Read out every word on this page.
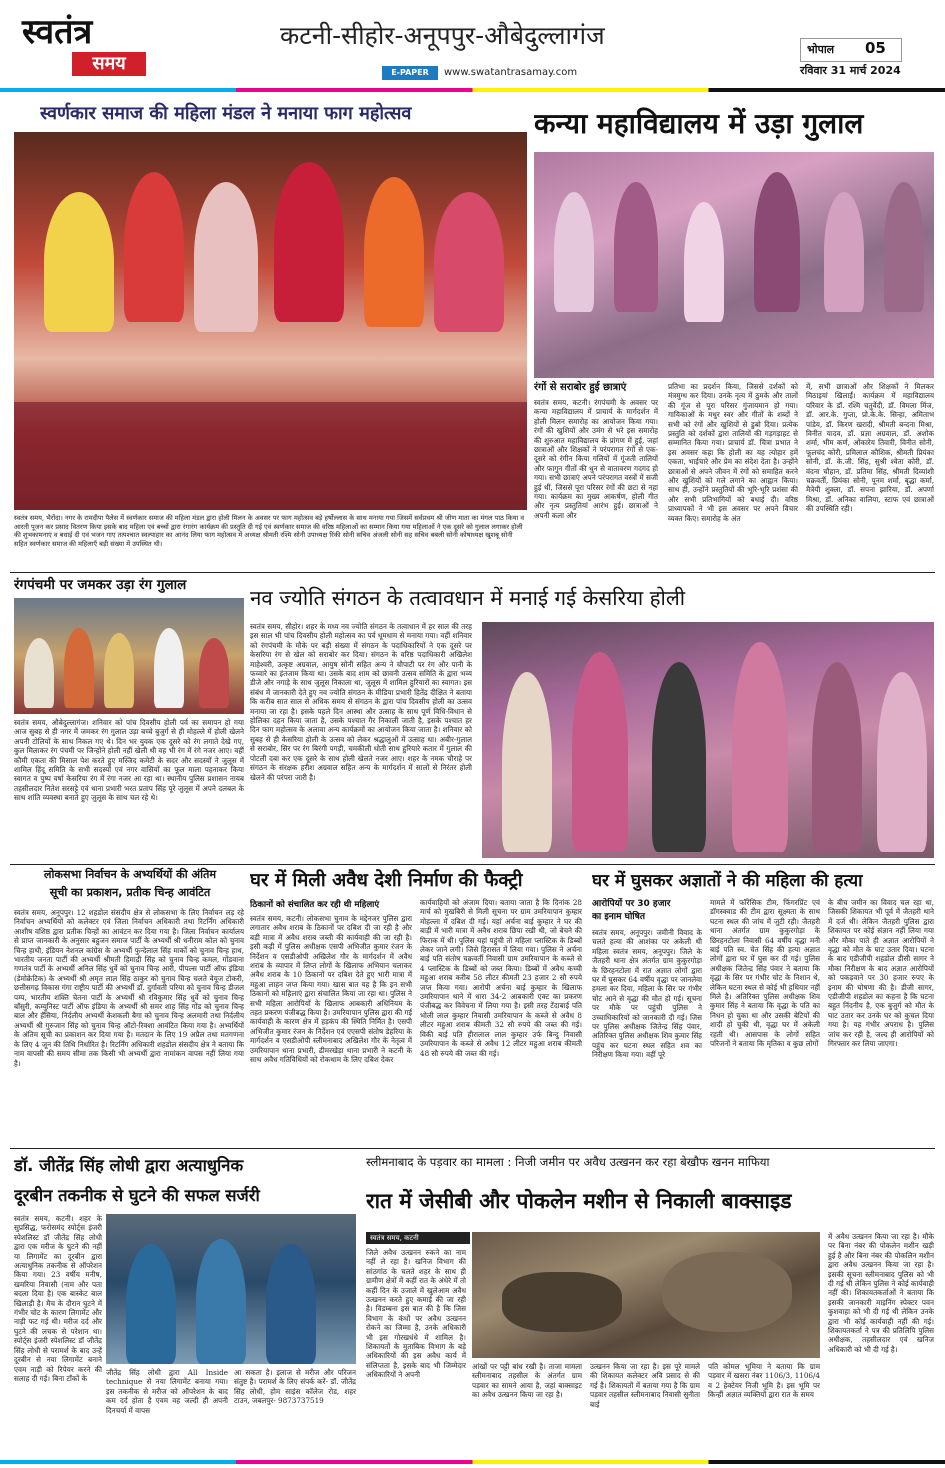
स्वतंत्र
समय
कटनी-सीहोर-अनूपपुर-औबेदुल्लागंज
E-PAPER	www.swatantrasamay.com
भोपाल 05
रविवार 31 मार्च 2024
स्वर्णकार समाज की महिला मंडल ने मनाया फाग महोत्सव
स्वतंत्र समय, भैरोंदा। नगर के रामदीपा पैलेस में स्वर्णकार समाज की महिला मंडल द्वारा होली मिलन के अवसर पर फाग महोत्सव बड़े हर्षोल्लास के साथ मनाया गया जिसमें सर्वप्रथम श्री जीण माता का मंगल पाठ किया व आरती पूजन कर प्रसाद वितरण किया इसके बाद महिला एवं बच्चों द्वारा रंगारंग कार्यक्रम की प्रस्तुति दी गई एवं स्वर्णकार समाज की वरिष्ठ महिलाओं का सम्मान किया गया महिलाओं ने एक दूसरे को गुलाल लगाकर होली की शुभकामनाएं व बधाई दी एवं भजन गाए तत्पश्चात स्वल्पाहार का आनंद लिया फाग महोत्सव में अध्यक्ष श्रीमती रश्मि सोनी उपाध्यक्ष रिंकी सोनी सचिव अंजली सोनी सह सचिव बबली सोनी कोषाध्यक्ष खुशबू सोनी सहित स्वर्णकार समाज की महिलाएँ बड़ी संख्या में उपस्थित थी।
कन्या महाविद्यालय में उड़ा गुलाल
रंगों से सराबोर हुई छात्राएं
स्वतंत्र समय, कटनी। रंगपंचमी के अवसर पर कन्या महाविद्यालय में प्राचार्य के मार्गदर्शन में होली मिलन समारोह का आयोजन किया गया। रंगों की खुशियों और उमंग से भरे इस समारोह की शुरुआत महाविद्यालय के प्रांगण में हुई, जहां छात्राओं और शिक्षकों ने परंपरागत रंगों से एक-दूसरे को रंगीन किया गलियों में गूंजती तालियों और फागुन गीतों की धुन से वातावरण गदगद हो गया। सभी छात्राएं अपने परंपरागत वस्त्रों में सजी हुई थीं, जिससे पूरा परिसर रंगों की छटा से नहा गया। कार्यक्रम का मुख्य आकर्षण, होली गीत और नृत्य प्रस्तुतियां आरंभ हुई। छात्राओं ने अपनी कला और
प्रतिभा का प्रदर्शन किया, जिससे दर्शकों को मंत्रमुग्ध कर दिया। उनके नृत्य में ठुमके और तालों की गूंज से पूरा परिसर गुंजायमान हो गया। गायिकाओं के मधुर स्वर और गीतों के शब्दों ने सभी को रंगों और खुशियों से डुबो दिया। प्रत्येक प्रस्तुति को दर्शकों द्वारा तालियों की गड़गड़ाहट से सम्मानित किया गया। प्राचार्य डॉ. चित्रा प्रभात ने इस अवसर कहा कि होली का यह त्योहार हमें एकता, भाईचारे और प्रेम का संदेश देता है। उन्होंने छात्राओं से अपने जीवन में रंगों को समाहित करने और खुशियों को गले लगाने का आह्वान किया। साथ ही, उन्होंने प्रस्तुतियों की भूरि-भूरि प्रशंसा की और सभी प्रतिभागियों को बधाई दी। वरिष्ठ प्राध्यापकों ने भी इस अवसर पर अपने विचार व्यक्त किए। समारोह के अंत
में, सभी छात्राओं और शिक्षकों ने मिलकर मिठाइयां खिलाईं। कार्यक्रम में महाविद्यालय परिवार के डॉ. रश्मि चतुर्वेदी, डॉ. विमला मिंज, डॉ. आर.के. गुप्ता, प्रो.के.के. सिन्हा, अमिताभ पांडेय, डॉ. किरण खरादी, श्रीमती बन्दना मिश्रा, विनीत यादव, डॉ. प्रज्ञा अग्रवाल, डॉ. अशोक शर्मा, भीम कर्ण, ओंकारेय तिवारी, विनीत सोनी, फूलचंद कोरी, प्रमिलाल कौशिक, श्रीमती प्रियंका सोनी, डॉ. के.जी. सिंह, सुश्री श्वेता कोरी, डॉ. वंदना चौहान, डॉ. प्रतिमा सिंह, श्रीमती दिव्यांशी चक्रवर्ती, प्रियंका सोनी, पूनम शर्मा, बृद्धा कर्मा, मैत्रेयी शुक्ला, डॉ. सपना झारिया, डॉ. अपर्णा मिश्रा, डॉ. अनिका वालिया, स्टाफ एवं छात्राओं की उपस्थिति रही।
रंगपंचमी पर जमकर उड़ा रंग गुलाल
स्वतंत्र समय, औबेदुल्लागंज। शनिवार को पांच दिवसीय होली पर्व का समापन हो गया आज सुबह से ही नगर में जमकर रंग गुलाल उड़ा बच्चे बुजुर्ग से ही मोहल्ले में होली खेलने अपनी टोलियों के साथ निकल गए थे। दिन भर युवक एक दूसरे को रंग लगाते देखे गए, कुल मिलाकर रंग पंचमी पर जिन्होंने होली नहीं खेली थी वह भी रंग में रंगे नजर आए। वहीं कौमी एकता की मिसाल पेश करते हुए मस्जिद कमेटी के सदर और सदस्यों ने जुलूस में शामिल हिंदू समिति के सभी सदस्यों एवं नगर वासियों का फूल माला पहनाकर किया स्वागत व पुष्प वर्षा केसरिया रंग में रंगा नजर आ रहा था। स्थानीय पुलिस प्रशासन नायब तहसीलदार नितेश सरसट्टे एवं थाना प्रभारी भरत प्रताप सिंह पूरे जुलूस में अपने दलबल के साथ शांति व्यवस्था बनाते हुए जुलूस के साथ चल रहे थे।
नव ज्योति संगठन के तत्वावधान में मनाई गई केसरिया होली
स्वतंत्र समय, सीहोर। शहर के मध्य नव ज्योति संगठन के तत्वाधान में हर साल की तरह इस साल भी पांच दिवसीय होली महोत्सव का पर्व धूमधाम से मनाया गया। वहीं शनिवार को रंगपंचमी के मौके पर बड़ी संख्या में संगठन के पदाधिकारियों ने एक दूसरे पर केसरिया रंग से खेल को सराबोर कर दिया। संगठन के वरिष्ठ पदाधिकारी अखिलेश माहेश्वरी, उत्कृष्ट अग्रवाल, आयुष सोनी सहित अन्य ने चौपाटी पर रंग और पानी के फव्वारे का इंतजाम किया था। उसके बाद शाम को छावनी उत्सव समिति के द्वारा भव्य डीजे और नगाड़े के साथ जुलूस निकाला था, जुलूस में शामिल हुरियारों का स्वागत। इस संबंध में जानकारी देते हुए नव ज्योति संगठन के मीडिया प्रभारी हितेंद्र दीक्षित ने बताया कि करीब सात साल से अधिक समय से संगठन के द्वारा पांच दिवसीय होली का उत्सव मनाया जा रहा है। इसके पहले दिन आस्था और उत्साह के साथ पूर्ण विधि-विधान से होलिका दहन किया जाता है, उसके पश्चात गैर निकाली जाती है, इसके पश्चात हर दिन फाग महोत्सव के अलावा अन्य कार्यक्रमों का आयोजन किया जाता है। शनिवार को सुबह से ही केसरिया होली के उत्सव को लेकर श्रद्धालुओं में उत्साह था। अबीर-गुलाल से सराबोर, सिर पर रंग बिरंगी पगड़ी, चमकीली धोती साथ हुरियारे कतार में गुलाल की पोटली दबा कर एक दूसरे के साथ होली खेलते नजर आए। शहर के नमक चौराहे पर संगठन के संरक्षक हरीश अग्रवाल सहित अन्य के मार्गदर्शन में सालों से निरंतर होली खेलने की परंपरा जारी है।
लोकसभा निर्वाचन के अभ्यर्थियों की अंतिम
सूची का प्रकाशन, प्रतीक चिन्ह आवंटित
स्वतंत्र समय, अनूपपुर। 12 शहडोल संसदीय क्षेत्र से लोकसभा के लिए निर्वाचन लड़ रहे निर्वाचन अभ्यर्थियों को कलेक्टर एवं जिला निर्वाचन अधिकारी तथा रिटर्निंग अधिकारी आशीष वशिष्ठ द्वारा प्रतीक चिन्हों का आवंटन कर दिया गया है। जिला निर्वाचन कार्यालय से प्राप्त जानकारी के अनुसार बहुजन समाज पार्टी के अभ्यर्थी श्री धनीराम कोल को चुनाव चिन्ह हाथी, इंडियन नेशनल कांग्रेस के अभ्यर्थी फुन्देलाल सिंह मार्को को चुनाव चिन्ह हाथ, भारतीय जनता पार्टी की अभ्यर्थी श्रीमती हिमाद्री सिंह को चुनाव चिन्ह कमल, गोंडवाना गणतंत्र पार्टी के अभ्यर्थी अनिल सिंह धुर्वे को चुनाव चिन्ह आरी, पीपल्स पार्टी ऑफ इंडिया (डेमोक्रेटिक) के अभ्यर्थी श्री अमृत लाल सिंह ठाकुर को चुनाव चिन्ह चलते वेयूज टोकरी, छत्तीसगढ़ विकास गंगा राष्ट्रीय पार्टी की अभ्यर्थी डॉ. दुर्गावती परिया को चुनाव चिन्ह डीजल पम्प, भारतीय शक्ति चेतना पार्टी के अभ्यर्थी श्री रविकुमार सिंह धुर्वे को चुनाव चिन्ह बाँसुरी, कम्युनिस्ट पार्टी ऑफ इंडिया के अभ्यर्थी श्री समर शाह सिंह गोंड को चुनाव चिन्ह बाल और हॅसिया, निर्दलीय अभ्यर्थी केशकली बैगा को चुनाव चिन्ह अलमारी तथा निर्दलीय अभ्यर्थी श्री गुरुजान सिंह को चुनाव चिन्ह ऑटो-रिक्शा आवंटित किया गया है। अभ्यर्थियों के अंतिम सूची का प्रकाशन कर दिया गया है। मतदान के लिए 19 अप्रैल तथा मतगणना के लिए 4 जून की तिथि निर्धारित है। रिटर्निंग अधिकारी शहडोल संसदीय क्षेत्र ने बताया कि नाम वापसी की समय सीमा तक किसी भी अभ्यर्थी द्वारा नामांकन वापस नहीं लिया गया है।
घर में मिली अवैध देशी निर्माण की फैक्ट्री
ठिकानों को संचालित कर रही थी महिलाएं
स्वतंत्र समय, कटनी। लोकसभा चुनाव के मद्देनजर पुलिस द्वारा लगातार अवैध शराब के ठिकानों पर दबिश दी जा रही है और बड़ी मात्रा में अवैध शराब जब्ती की कार्यवाही की जा रही है। इसी कड़ी में पुलिस अधीक्षक एसपी अभिजीत कुमार रंजन के निर्देशन व एसडीओपी अखिलेश गौर के मार्गदर्शन में अवैध शराब के व्यापार में लिप्त लोगों के खिलाफ अभियान चलाकर अवैध शराब के 10 ठिकानों पर दबिश देते हुए भारी मात्रा में महुआ लाहन जप्त किया गया। खास बात यह है कि इन सभी ठिकानों को महिलाएं द्वारा संचालित किया जा रहा था। पुलिस ने सभी महिला आरोपियों के खिलाफ आबकारी अधिनियम के तहत प्रकरण पंजीबद्ध किया है। उमरियापान पुलिस द्वारा की गई कार्यवाही के कारण क्षेत्र में हड़कंप की स्थिति निर्मित है। एसपी अभिजीत कुमार रंजन के निर्देशन एवं एएसपी संतोष डेहरिया के मार्गदर्शन व एसडीओपी स्लीमनाबाद अखिलेश गौर के नेतृत्व में उमरियापान थाना प्रभारी, ढीमरखेड़ा थाना प्रभारी ने कटनी के साथ अवैध गतिविधियों को रोकथाम के लिए दबिश देकर
कार्यवाहियों को अंजाम दिया। बताया जाता है कि दिनांक 28 मार्च को मुखबिरी से मिली सूचना पर ग्राम उमरियापान कुम्हार मोहल्ला में दबिश दी गई। यहां अर्चना बाई कुम्हार ने घर की बाड़ी में भारी मात्रा में अवैध शराब छिपा रखी थी, जो बेचने की फिराक में थी। पुलिस यहां पहुंची तो महिला प्लास्टिक के डिब्बों लेकर जाने लगी। जिसे हिरासत में लिया गया। पुलिस ने अर्चना बाई पति संतोष चक्रवर्ती निवासी ग्राम उमरियापान के कब्जे से 4 प्लास्टिक के डिब्बों को जब्त किया। डिब्बों में अवैध कच्ची महुआ शराब करीब 58 लीटर कीमती 23 हजार 2 सौ रुपये जप्त किया गया। आरोपी अर्चना बाई कुम्हार के खिलाफ उमरियापान थाने में धारा 34-2 आबकारी एक्ट का प्रकरण पंजीबद्ध कर विवेचना में लिया गया है। इसी तरह टेंदाबाई पति भोली लाल कुम्हार निवासी उमरियापान के कब्जे से अवैध 8 लीटर महुआ शराब कीमती 32 सौ रुपये की जब्त की गई। विकी बाई पति हीरालाल लाल कुम्हार उर्फ बिन्दु निवासी उमरियापान के कब्जे से अवैध 12 लीटर महुआ शराब कीमती 48 सौ रुपये की जब्त की गई।
घर में घुसकर अज्ञातों ने की महिला की हत्या
आरोपियों पर 30 हजार
का इनाम घोषित
स्वतंत्र समय, अनूपपुर। जमीनी विवाद के चलते हत्या की आशंका पर अकेली थी महिला स्वतंत्र समय, अनूपपुर। जिले के जैतहरी थाना क्षेत्र अंतर्गत ग्राम कुकुरगोड़ा के छिरहनटोला में रात अज्ञात लोगों द्वारा घर में घुसकर 64 वर्षीय वृद्धा पर जानलेवा हमला कर दिया, महिला के सिर पर गंभीर चोट आने से वृद्धा की मौत हो गई। सूचना पर मौके पर पहुंची पुलिस ने उच्चाधिकारियों को जानकारी दी गई। जिस पर पुलिस अधीक्षक जितेन्द्र सिंह पंवार, अतिरिक्त पुलिस अधीक्षक शिव कुमार सिंह पहुंच कर घटना स्थल सहित शव का निरीक्षण किया गया। वहीं पूरे
मामले में फॉरेंसिक टीम, फिंगरप्रिंट एवं डॉगस्क्वाड की टीम द्वारा सूक्ष्मता के साथ घटना स्थल की जांच में जुटी रही। जैतहरी थाना अंतर्गत ग्राम कुकुरगोड़ा के छिरहनटोला निवासी 64 वर्षीय वृद्धा मनी बाई पति स्व. चेत सिंह की हत्या अज्ञात लोगों द्वारा घर में घुस कर दी गई। पुलिस अधीक्षक जितेन्द्र सिंह पंवार ने बताया कि वृद्धा के सिर पर गंभीर चोट के निशान थे, लेकिन घटना स्थल से कोई भी हथियार नहीं मिले है। अतिरिक्त पुलिस अधीक्षक शिव कुमार सिंह ने बताया कि वृद्धा के पति का निधन हो चुका था और उसकी बेटियों की शादी हो चुकी थी, वृद्धा घर में अकेली रहती थी। आसपास के लोगों सहित परिजनों ने बताया कि मृतिका व कुछ लोगों
के बीच जमीन का विवाद चल रहा था, जिसकी शिकायत भी पूर्व में जैतहरी थाने में दर्ज थी। लेकिन जैतहरी पुलिस द्वारा शिकायत पर कोई संज्ञान नहीं लिया गया और मौका पाते ही अज्ञात आरोपियों ने वृद्धा को मौत के घाट उतार दिया। घटना के बाद एडीजीपी शहडोल डीसी सागर ने मौका निरीक्षण के बाद अज्ञात आरोपियों को पकड़वाने पर 30 हजार रुपए के इनाम की घोषणा की है। डीजी सागर, एडीजीपी शहडोल का कहना है कि घटना बहुत निंदनीय है, एक बुजुर्ग को मौत के घाट उतार कर उनके घर को कुचल दिया गया है। यह गंभीर अपराध है। पुलिस जांच कर रही है, जल्द ही आरोपियों को गिरफ्तार कर लिया जाएगा।
डॉ. जीतेंद्र सिंह लोधी द्वारा अत्याधुनिक
दूरबीन तकनीक से घुटने की सफल सर्जरी
स्वतंत्र समय, कटनी। शहर के सुप्रसिद्ध, फरोसमंद स्पोर्ट्स इंजरी स्पेशलिस्ट डॉ जीतेंद्र सिंह लोधी द्वारा एक मरीज के घुटने की नहीं या लिगामेंट का दूरबीन द्वारा अत्याधुनिक तकनीक से ऑपरेशन किया गया। 23 वर्षीय मनीष, खमरिया निवासी (नाम और पता बदला दिया है) एक बास्केट बाल खिलाड़ी है। मैच के दौरान घुटने में गंभीर चोट के कारण लिगामेंट और नाड़ी फट गई थी। मरीज दर्द और घुटने की लचक से परेशान था। स्पोर्ट्स इंजरी स्पेशलिस्ट डॉ जीतेंद्र सिंह लोधी से परामर्श के बाद उन्हें दूरबीन से नया लिगामेंट बनाने एवम नाड़ी को रिपेयर करने की सलाह दी गई। बिना टाँकों के
जीतेंद्र सिंह लोधी द्वारा All Inside technique से नया लिगामेंट बनाया गया। इस तकनीक से मरीज को ऑपरेशन के बाद कम दर्द होता है एवम वह जल्दी ही अपनी दिनचर्या में वापस
आ सकता है। इलाज से मरीज और परिजन संतुष्ट है। परामर्श के लिए संपर्क करें- डॉ. जीतेंद्र सिंह लोधी, होम साइंस कॉलेज रोड, शहर टाउन, जबलपुर- 9873737519
स्लीमनाबाद के पड़वार का मामला : निजी जमीन पर अवैध उत्खनन कर रहा बेखौफ खनन माफिया
रात में जेसीबी और पोकलेन मशीन से निकाली बाक्साइड
स्वतंत्र समय, कटनी
जिले अवैध उत्खनन रुकने का नाम नहीं ले रहा है। खनिज विभाग की सांठगांठ के चलते शहर के साथ ही ग्रामीण क्षेत्रों में कहीं रात के अंधेरे में तो कहीं दिन के उजाले में खुलेआम अवैध उत्खनन करते हुए कमाई की जा रही है। विडम्बना इस बात की है कि जिस विभाग के कंधों पर अवैध उत्खनन रोकने का जिम्मा है, उनके अधिकारी भी इस गोरखधंधे में शामिल है। शिकायतों के मुताबिक विभाग के बड़े अधिकारियों की इस अवैध कार्य में संलिप्तता है, इसके बाद भी जिम्मेदार अधिकारियों ने अपनी
आंखों पर पट्टी बांध रखी है। ताजा मामला स्लीमनाबाद तहसील के अंतर्गत ग्राम पड़वार का सामने आया है, जहां बाक्साइट का अवैध उत्खनन किया जा रहा है।
उत्खनन किया जा रहा है। इस पूरे मामले की शिकायत कलेक्टर अवि प्रसाद से की गई है। शिकायतों में बताया गया है कि ग्राम पड़वार तहसील स्लीमनाबाद निवासी सुनीता बाई
पति कोमल भूमिया ने बताया कि ग्राम पड़वार में खसरा नंबर 1106/3, 1106/4 व 2 हेक्टेयर निजी भूमि है। इस भूमि पर किन्हीं अज्ञात व्यक्तियों द्वारा रात के समय
में अवैध उत्खनन किया जा रहा है। मौके पर बिना नंबर की पोकलेन मशीन खड़ी हुई है और बिना नंबर की पोकलिन मशीन द्वारा अवैध उत्खनन किया जा रहा है। इसकी सूचना स्लीमनाबाद पुलिस को भी दी गई थी लेकिन पुलिस ने कोई कार्यवाही नहीं की। शिकायतकर्ताओं ने बताया कि इसकी जानकारी माइनिंग स्पेक्टर पवन कुशवाहा को भी दी गई थी लेकिन उनके द्वारा भी कोई कार्यवाही नहीं की गई। शिकायतकर्ता ने पत्र की प्रतिलिपि पुलिस अधीक्षक, तहसीलदार एवं खनिज अधिकारी को भी दी गई है।
